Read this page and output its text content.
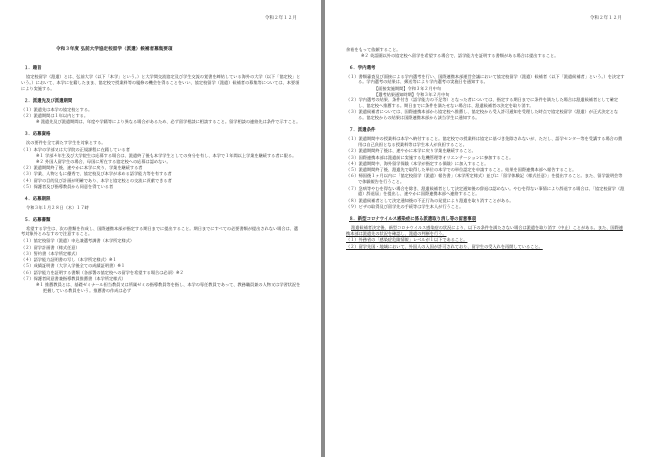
令和２年１２月
令和３年度 弘前大学協定校留学（派遣）候補者募集要項
１．趣旨

協定校留学（派遣）とは、弘前大学（以下「本学」という。）と大学間交流協定及び学生交流の覚書を締結している海外の大学（以下「協定校」という。）において、本学に在籍したまま、協定校で授業料等の履修の機会を得ることをいい、協定校留学（派遣）候補者の募集等については、本要項により実施する。

２．派遣先及び派遣期間

（１）派遣先は本学の協定校とする。

（２）派遣期間は１年以内とする。

※ 派遣先及び派遣期間は、年度や学籍等により異なる場合があるため、必ず留学相談に相談すること。留学相談の連絡先は条件で示すこと。

３．応募資格

次の要件を全て満たす学生を対象とする。

（１）本学の学部又は大学院の正規課程に在籍している者

※１ 学部４年生及び大学院生は応募する場合は、派遣終了後も本学学生としての身分を有し、本学で１年間以上学業を継続する者に限る。

※２ 外国人留学生の場合、母国に所在する協定校への応募は認めない。

（２）派遣期間終了後、速やかに本学に戻り、学業を継続する者

（３）学業、人物ともに優秀で、協定校及び本学が求める語学能力等を有する者

（４）留学の目的及び計画が明確であり、本学と協定校との交流に貢献できる者

（５）保護者及び指導教員から同意を得ている者

４．応募期限

令和３年１月２８日（木）１７時

５．応募書類

希望する学生は、次の書類を作成し、国際連携本部が指定する期日までに提出すること。期日までにすべての必要書類が提出されない場合は、選考対象外とみなすので注意すること。

（１）協定校留学（派遣）申込兼選考調書（本学所定様式）

（２）留学計画書（様式任意）

（３）誓約書（本学所定様式）

（４）語学能力証明書の写し（本学所定様式）※１

（５）成績証明書（大学入学後全ての成績証明書）※１

（６）語学能力を証明する書類（各部署の協定校への留学を希望する場合は必須）※２

（７）保護者同意書兼指導教員推薦書（本学所定様式）

※１ 推薦教員とは、基礎ゼミナール担当教員又は所属ゼミの指導教員等を指し、本学の専任教員であって、教務職員兼の人物又は学習状況を把握している教員をいう。推薦書の作成は必ず

令和２年１２月

余裕をもって依頼すること。

※２ 英語圏以外の協定校へ留学を希望する場合で、語学能力を証明する書類がある場合は提出すること。

６．学内選考

（１）書類審査及び面接による学内選考を行い、国際連携本部運営会議において協定校留学（派遣）候補者（以下「派遣候補者」という。）を決定する。学内選考の結果は、郵送等により学内選考の実施日を通知する。

【面接実施期間】令和３年２月中旬

【選考結果通知時期】令和３年２月中旬

（２）学内選考の結果、条件付き（語学能力の不足等）となった者については、指定する期日までに条件を満たした場合は派遣候補者として確定し、協定校へ推薦する。期日までに条件を満たせない場合は、派遣候補者の決定を取り消す。

（３）派遣候補者については、国際連携本部から協定校へ推薦し、協定校から受入許可通知を受理した時点で協定校留学（派遣）が正式決定となる。協定校からの結果は国際連携本部から該当学生に通知する。

７．派遣条件

（１）派遣期間中の授業料は本学へ納付すること。協定校での授業料は協定に基づき免除されないが、ただし、語学センター等を受講する場合の費用は自己負担となる授業料等は学生本人が負担すること。

（２）派遣期間終了後は、速やかに本学に戻り学業を継続すること。

（３）国際連携本部は派遣前に実施する危機管理等オリエンテーションに参加すること。

（４）派遣期間中、海外留学保険（本学が指定する保険）に加入すること。

（５）派遣期間終了後、派遣先で取得した単位の本学での単位認定を申請すること。結果を国際連携本部へ報告すること。

（６）帰国後１ヶ月以内に「協定校留学（派遣）報告書」（本学所定様式）並びに「留学体験記（様式任意）」を提出すること。また、留学説明会等で体験報告を行うこと。

（７）急病等やむを得ない場合を除き、派遣候補者として決定通知後の辞退は認めない。やむを得ない事情により辞退する場合は、「協定校留学（派遣）辞退届」を提出し、速やかに国際連携本部へ連絡すること。

（８）派遣候補者として決定通知後の不正行為の発覚により派遣を取り消すことがある。

（９）ビザの取得及び留学先の手続等は学生本人が行うこと。

８．新型コロナウイルス感染症に係る派遣取り消し等の留意事項

派遣候補者決定後、新型コロナウイルス感染症の状況により、以下の条件を満たさない場合は派遣を取り消す（中止）ことがある。また、国際連携本部は派遣先の状況を確認し、派遣の判断を行う。

（１）外務省の「感染症危険情報」レベルが１以下であること。

（２）留学先国・地域において、外国人の入国が許可されており、留学生の受入れを再開していること。
